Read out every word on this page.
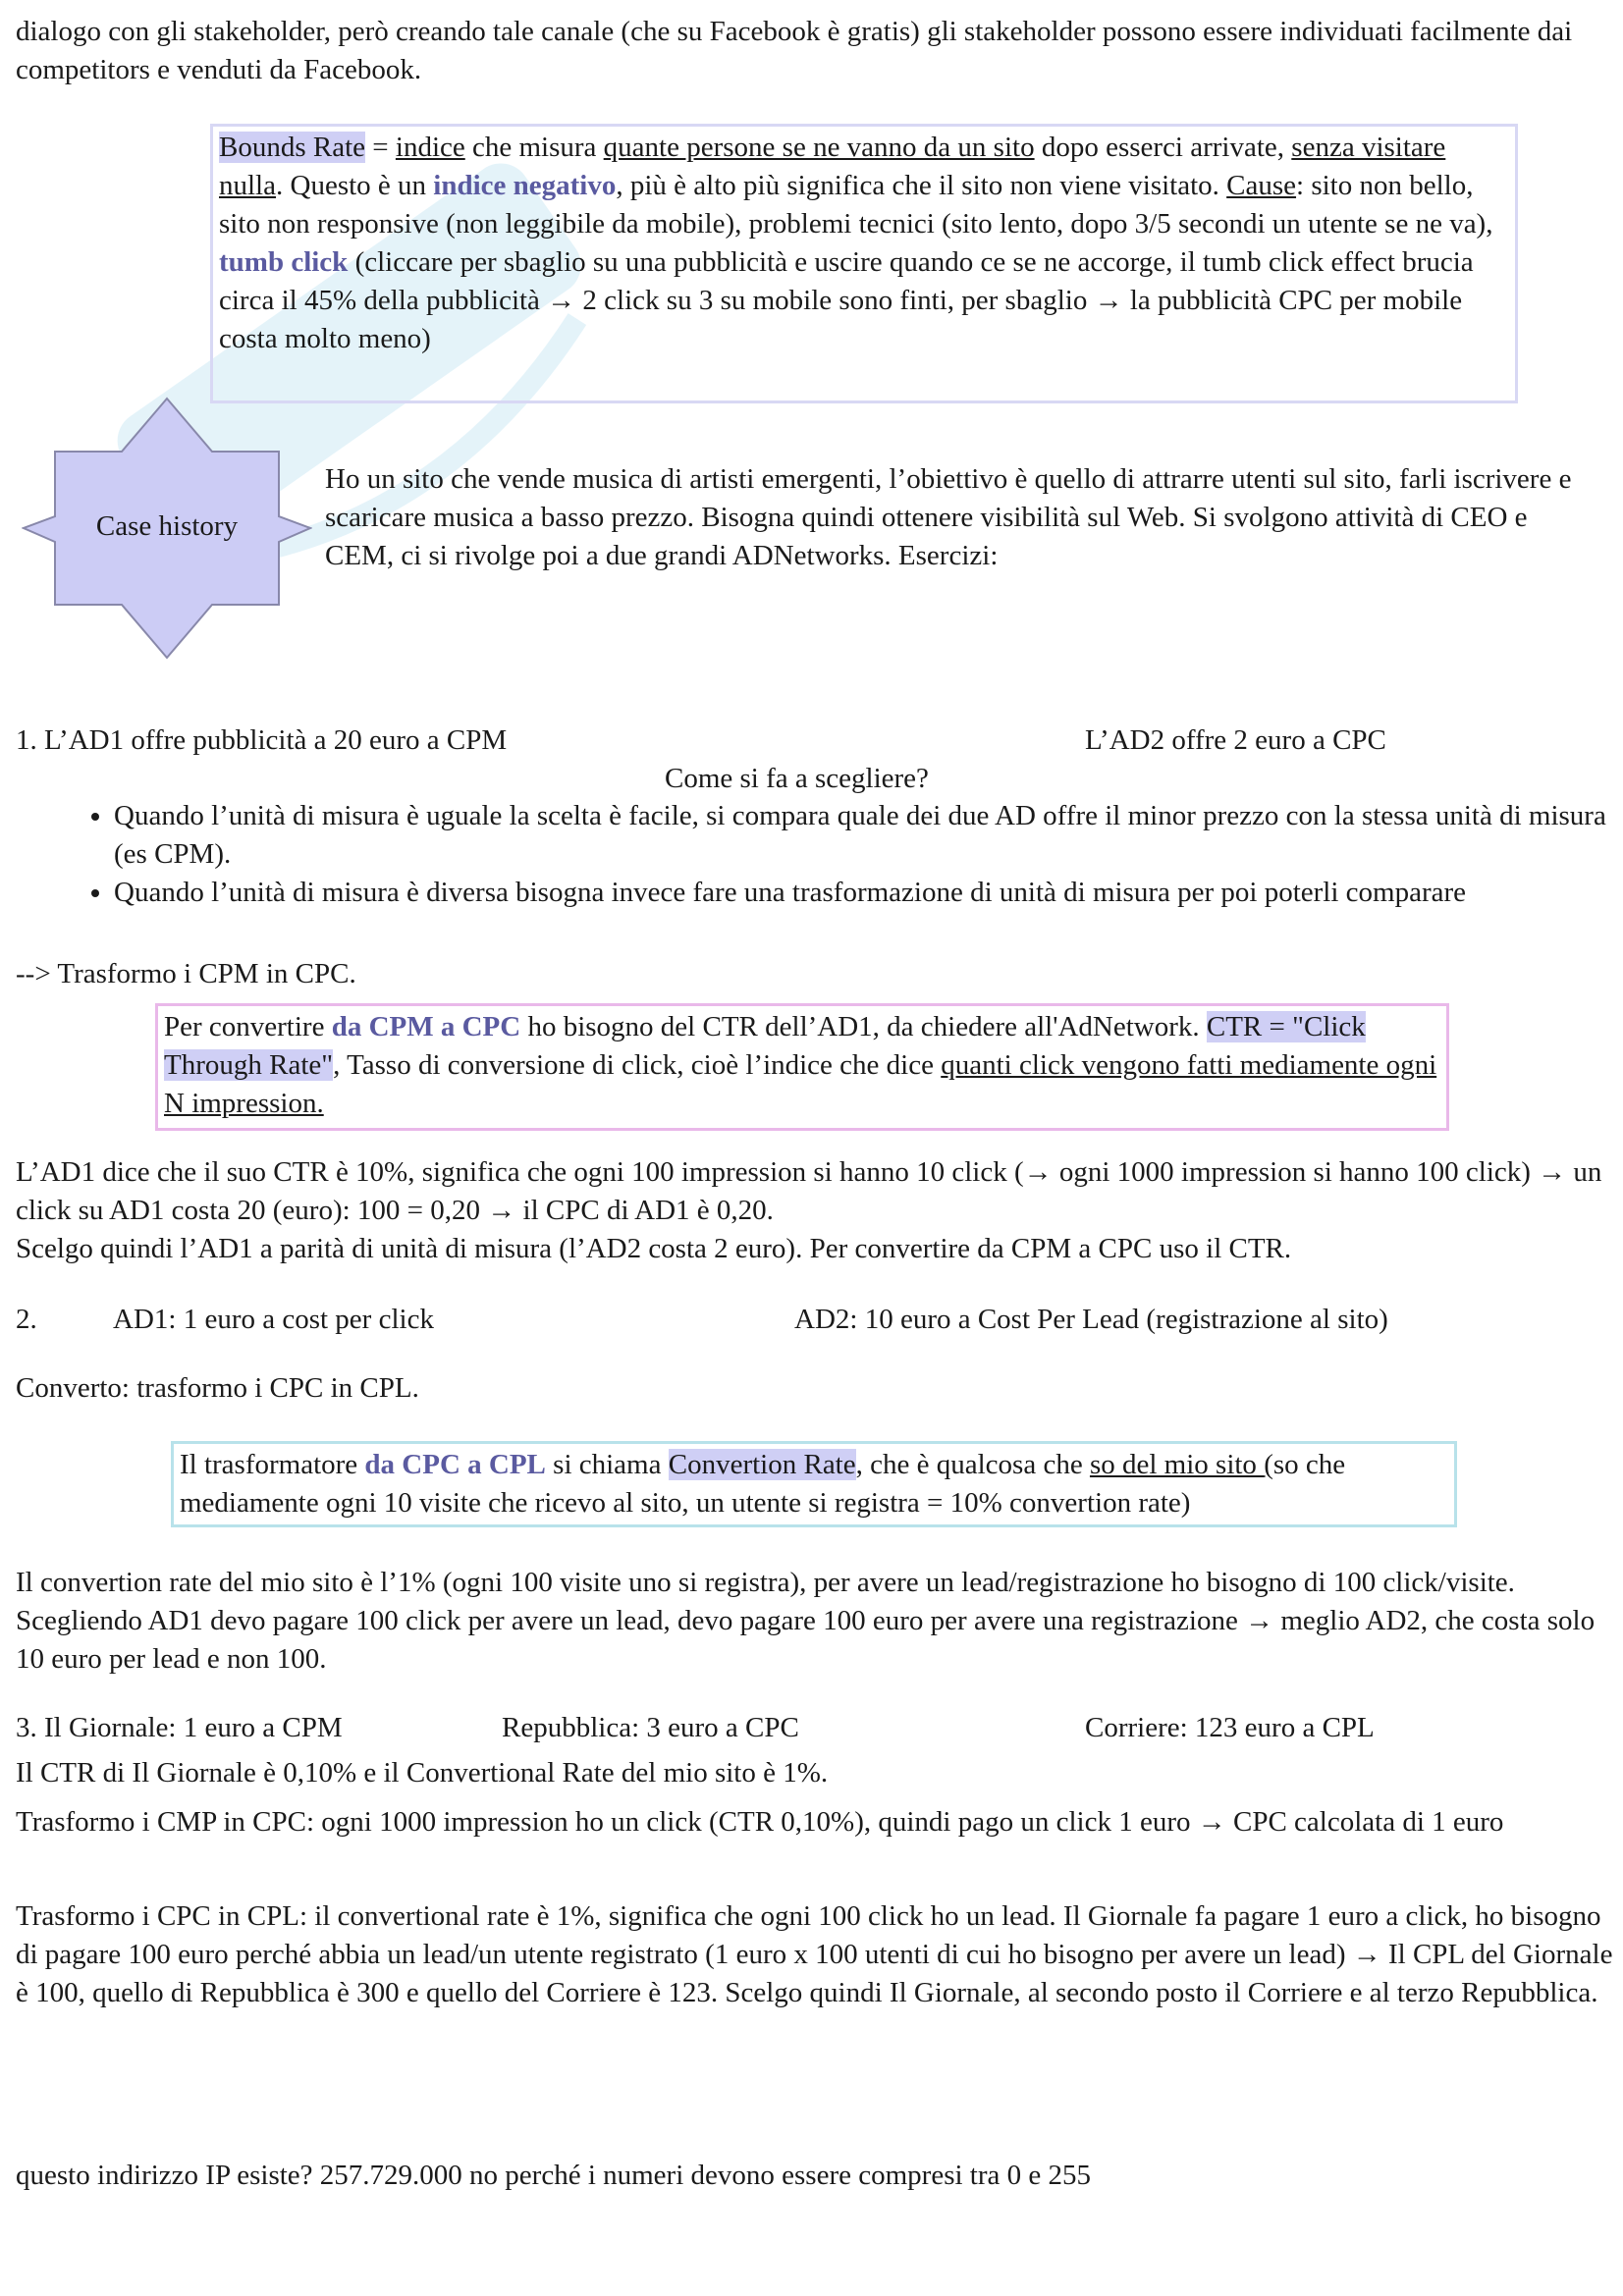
dialogo con gli stakeholder, però creando tale canale (che su Facebook è gratis) gli stakeholder possono essere individuati facilmente dai competitors e venduti da Facebook.

Bounds Rate = indice che misura quante persone se ne vanno da un sito dopo esserci arrivate, senza visitare nulla. Questo è un indice negativo, più è alto più significa che il sito non viene visitato. Cause: sito non bello, sito non responsive (non leggibile da mobile), problemi tecnici (sito lento, dopo 3/5 secondi un utente se ne va), tumb click (cliccare per sbaglio su una pubblicità e uscire quando ce se ne accorge, il tumb click effect brucia circa il 45% della pubblicità → 2 click su 3 su mobile sono finti, per sbaglio → la pubblicità CPC per mobile costa molto meno)
Case history

Ho un sito che vende musica di artisti emergenti, l’obiettivo è quello di attrarre utenti sul sito, farli iscrivere e scaricare musica a basso prezzo. Bisogna quindi ottenere visibilità sul Web. Si svolgono attività di CEO e CEM, ci si rivolge poi a due grandi ADNetworks. Esercizi:

1. L’AD1 offre pubblicità a 20 euro a CPM	L’AD2 offre 2 euro a CPC
Come si fa a scegliere?
• Quando l’unità di misura è uguale la scelta è facile, si compara quale dei due AD offre il minor prezzo con la stessa unità di misura (es CPM).
• Quando l’unità di misura è diversa bisogna invece fare una trasformazione di unità di misura per poi poterli comparare
--> Trasformo i CPM in CPC.
Per convertire da CPM a CPC ho bisogno del CTR dell’AD1, da chiedere all'AdNetwork. CTR = "Click Through Rate", Tasso di conversione di click, cioè l’indice che dice quanti click vengono fatti mediamente ogni N impression.

L’AD1 dice che il suo CTR è 10%, significa che ogni 100 impression si hanno 10 click (→ ogni 1000 impression si hanno 100 click) → un click su AD1 costa 20 (euro): 100 = 0,20 → il CPC di AD1 è 0,20.

Scelgo quindi l’AD1 a parità di unità di misura (l’AD2 costa 2 euro). Per convertire da CPM a CPC uso il CTR.

2.	AD1: 1 euro a cost per click	AD2: 10 euro a Cost Per Lead (registrazione al sito)
Converto: trasformo i CPC in CPL.
Il trasformatore da CPC a CPL si chiama Convertion Rate, che è qualcosa che so del mio sito (so che mediamente ogni 10 visite che ricevo al sito, un utente si registra = 10% convertion rate)

Il convertion rate del mio sito è l’1% (ogni 100 visite uno si registra), per avere un lead/registrazione ho bisogno di 100 click/visite. Scegliendo AD1 devo pagare 100 click per avere un lead, devo pagare 100 euro per avere una registrazione → meglio AD2, che costa solo 10 euro per lead e non 100.

3. Il Giornale: 1 euro a CPM	Repubblica: 3 euro a CPC	Corriere: 123 euro a CPL
Il CTR di Il Giornale è 0,10% e il Convertional Rate del mio sito è 1%.

Trasformo i CMP in CPC: ogni 1000 impression ho un click (CTR 0,10%), quindi pago un click 1 euro → CPC calcolata di 1 euro

Trasformo i CPC in CPL: il convertional rate è 1%, significa che ogni 100 click ho un lead. Il Giornale fa pagare 1 euro a click, ho bisogno di pagare 100 euro perché abbia un lead/un utente registrato (1 euro x 100 utenti di cui ho bisogno per avere un lead) → Il CPL del Giornale è 100, quello di Repubblica è 300 e quello del Corriere è 123. Scelgo quindi Il Giornale, al secondo posto il Corriere e al terzo Repubblica.

questo indirizzo IP esiste? 257.729.000 no perché i numeri devono essere compresi tra 0 e 255
